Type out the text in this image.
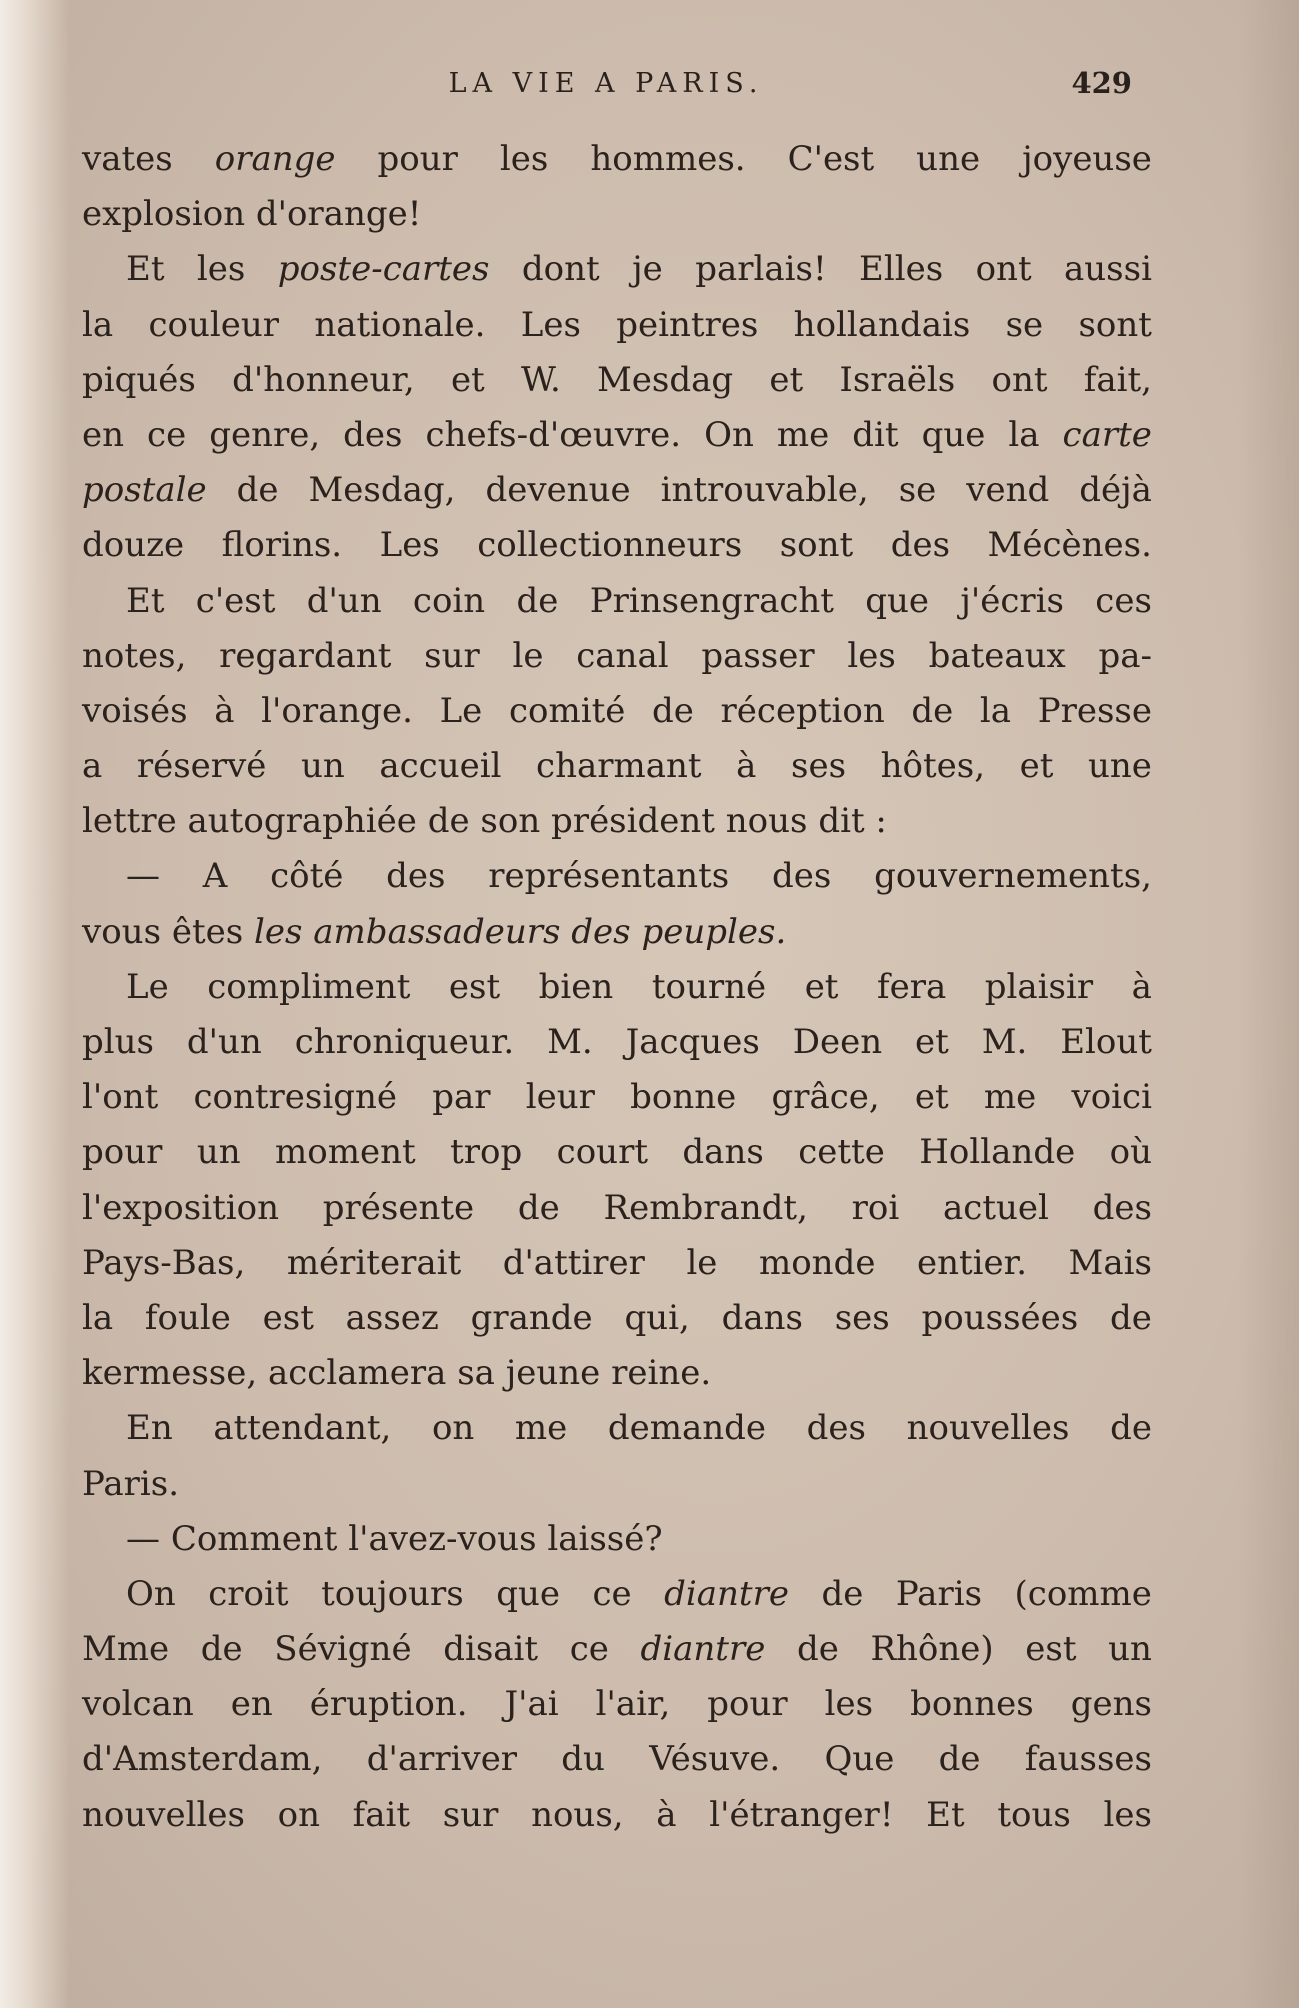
LA VIE A PARIS.	429
vates orange pour les hommes. C'est une joyeuse
explosion d'orange!
Et les poste-cartes dont je parlais! Elles ont aussi
la couleur nationale. Les peintres hollandais se sont
piqués d'honneur, et W. Mesdag et Israëls ont fait,
en ce genre, des chefs-d'œuvre. On me dit que la carte
postale de Mesdag, devenue introuvable, se vend déjà
douze florins. Les collectionneurs sont des Mécènes.
Et c'est d'un coin de Prinsengracht que j'écris ces
notes, regardant sur le canal passer les bateaux pa-
voisés à l'orange. Le comité de réception de la Presse
a réservé un accueil charmant à ses hôtes, et une
lettre autographiée de son président nous dit :
— A côté des représentants des gouvernements,
vous êtes les ambassadeurs des peuples.
Le compliment est bien tourné et fera plaisir à
plus d'un chroniqueur. M. Jacques Deen et M. Elout
l'ont contresigné par leur bonne grâce, et me voici
pour un moment trop court dans cette Hollande où
l'exposition présente de Rembrandt, roi actuel des
Pays-Bas, mériterait d'attirer le monde entier. Mais
la foule est assez grande qui, dans ses poussées de
kermesse, acclamera sa jeune reine.
En attendant, on me demande des nouvelles de
Paris.
— Comment l'avez-vous laissé?
On croit toujours que ce diantre de Paris (comme
Mme de Sévigné disait ce diantre de Rhône) est un
volcan en éruption. J'ai l'air, pour les bonnes gens
d'Amsterdam, d'arriver du Vésuve. Que de fausses
nouvelles on fait sur nous, à l'étranger! Et tous les
